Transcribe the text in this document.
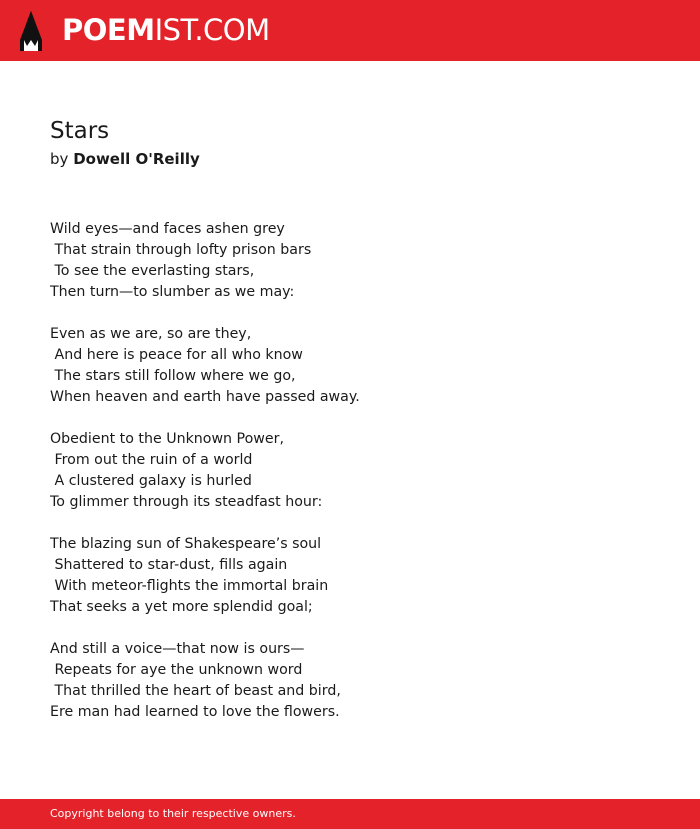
POEMIST.COM
Stars
by Dowell O'Reilly
Wild eyes—and faces ashen grey
That strain through lofty prison bars
To see the everlasting stars,
Then turn—to slumber as we may:
Even as we are, so are they,
And here is peace for all who know
The stars still follow where we go,
When heaven and earth have passed away.
Obedient to the Unknown Power,
From out the ruin of a world
A clustered galaxy is hurled
To glimmer through its steadfast hour:
The blazing sun of Shakespeare’s soul
Shattered to star-dust, fills again
With meteor-flights the immortal brain
That seeks a yet more splendid goal;
And still a voice—that now is ours—
Repeats for aye the unknown word
That thrilled the heart of beast and bird,
Ere man had learned to love the flowers.
Copyright belong to their respective owners.
